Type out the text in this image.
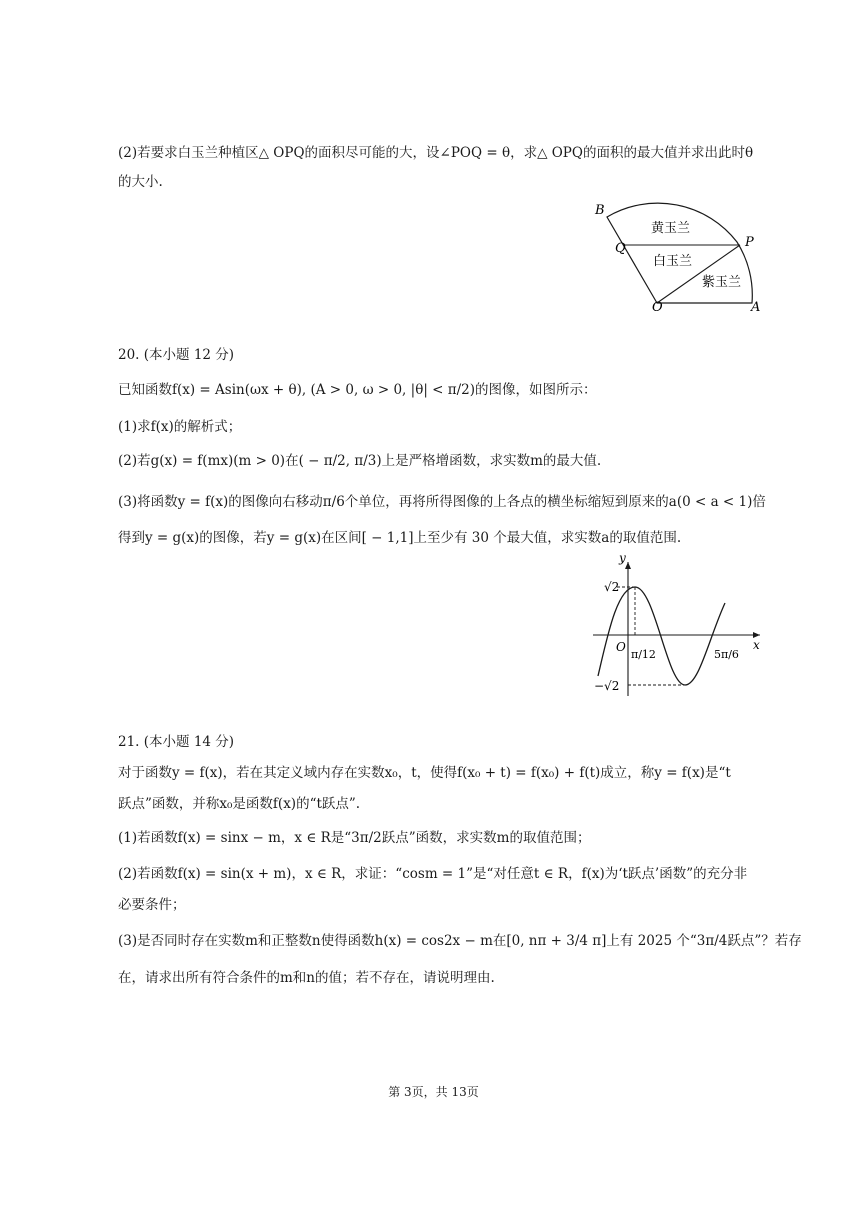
(2)若要求白玉兰种植区△ OPQ的面积尽可能的大，设∠POQ = θ，求△ OPQ的面积的最大值并求出此时θ
的大小.
B
Q	P
O	A
黄玉兰
白玉兰
紫玉兰
20. (本小题 12 分)
已知函数f(x) = Asin(ωx + θ), (A > 0, ω > 0, |θ| < π/2)的图像，如图所示：
(1)求f(x)的解析式；
(2)若g(x) = f(mx)(m > 0)在( − π/2, π/3)上是严格增函数，求实数m的最大值.
(3)将函数y = f(x)的图像向右移动π/6个单位，再将所得图像的上各点的横坐标缩短到原来的a(0 < a < 1)倍
得到y = g(x)的图像，若y = g(x)在区间[ − 1,1]上至少有 30 个最大值，求实数a的取值范围.
y
x
O
√2
−√2
π/12	5π/6
21. (本小题 14 分)
对于函数y = f(x)，若在其定义域内存在实数x₀，t，使得f(x₀ + t) = f(x₀) + f(t)成立，称y = f(x)是“t
跃点”函数，并称x₀是函数f(x)的“t跃点”.
(1)若函数f(x) = sinx − m，x ∈ R是“3π/2跃点”函数，求实数m的取值范围；
(2)若函数f(x) = sin(x + m)，x ∈ R，求证：“cosm = 1”是“对任意t ∈ R，f(x)为‘t跃点’函数”的充分非
必要条件；
(3)是否同时存在实数m和正整数n使得函数h(x) = cos2x − m在[0, nπ + 3/4 π]上有 2025 个“3π/4跃点”？若存
在，请求出所有符合条件的m和n的值；若不存在，请说明理由.
第 3页，共 13页
